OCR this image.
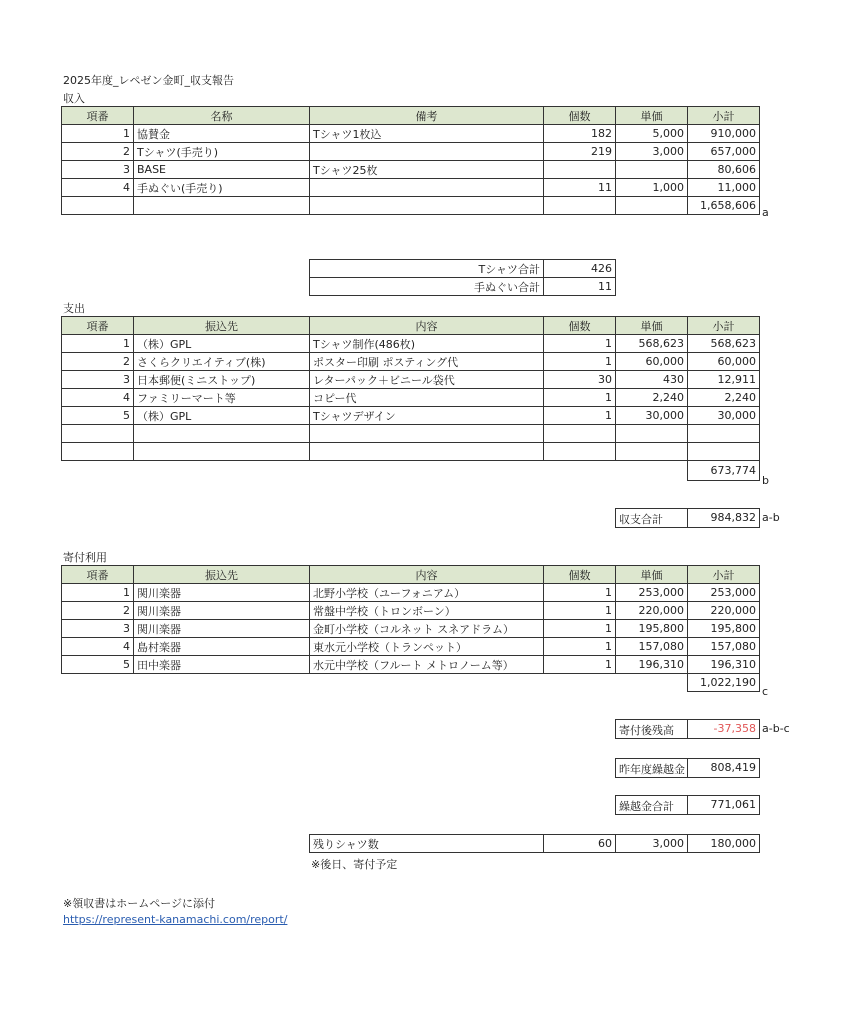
2025年度_レペゼン金町_収支報告
収入
項番	名称	備考	個数	単価	小計
1	協賛金	Tシャツ1枚込	182	5,000	910,000
2	Tシャツ(手売り)		219	3,000	657,000
3	BASE	Tシャツ25枚			80,606
4	手ぬぐい(手売り)		11	1,000	11,000
					1,658,606
a
Tシャツ合計	426
手ぬぐい合計	11
支出
項番	振込先	内容	個数	単価	小計
1	（株）GPL	Tシャツ制作(486枚)	1	568,623	568,623
2	さくらクリエイティブ(株)	ポスター印刷 ポスティング代	1	60,000	60,000
3	日本郵便(ミニストップ)	レターパック＋ビニール袋代	30	430	12,911
4	ファミリーマート等	コピー代	1	2,240	2,240
5	（株）GPL	Tシャツデザイン	1	30,000	30,000

					673,774
b
収支合計	984,832 a-b
寄付利用
項番	振込先	内容	個数	単価	小計
1	関川楽器	北野小学校（ユーフォニアム）	1	253,000	253,000
2	関川楽器	常盤中学校（トロンボーン）	1	220,000	220,000
3	関川楽器	金町小学校（コルネット スネアドラム）	1	195,800	195,800
4	島村楽器	東水元小学校（トランペット）	1	157,080	157,080
5	田中楽器	水元中学校（フルート メトロノーム等）	1	196,310	196,310
					1,022,190
c
寄付後残高	-37,358 a-b-c
昨年度繰越金 808,419
繰越金合計	771,061
残りシャツ数	60	3,000	180,000
※後日、寄付予定
※領収書はホームページに添付
https://represent-kanamachi.com/report/
